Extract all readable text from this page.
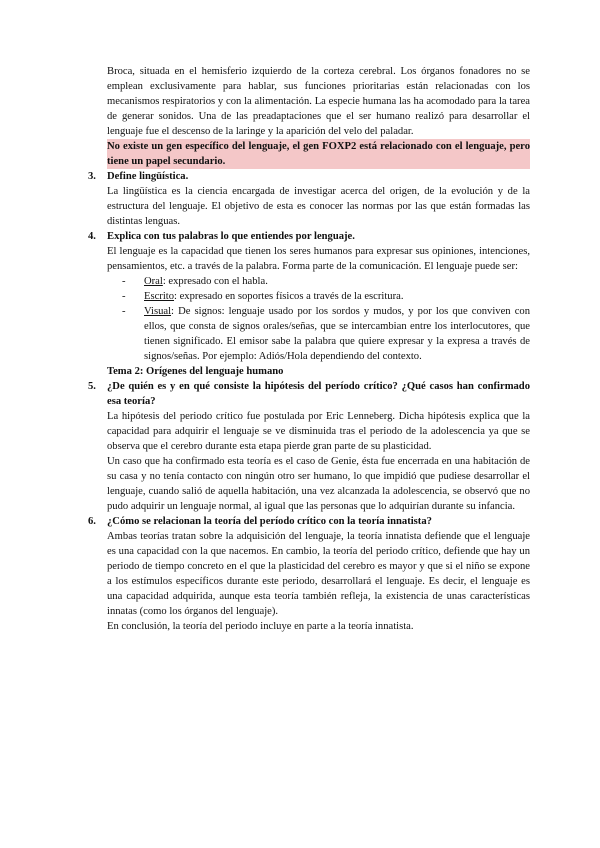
Broca, situada en el hemisferio izquierdo de la corteza cerebral. Los órganos fonadores no se emplean exclusivamente para hablar, sus funciones prioritarias están relacionadas con los mecanismos respiratorios y con la alimentación. La especie humana las ha acomodado para la tarea de generar sonidos. Una de las preadaptaciones que el ser humano realizó para desarrollar el lenguaje fue el descenso de la laringe y la aparición del velo del paladar.

No existe un gen específico del lenguaje, el gen FOXP2 está relacionado con el lenguaje, pero tiene un papel secundario.

3. Define lingüística.

La lingüística es la ciencia encargada de investigar acerca del origen, de la evolución y de la estructura del lenguaje. El objetivo de esta es conocer las normas por las que están formadas las distintas lenguas.

4. Explica con tus palabras lo que entiendes por lenguaje.

El lenguaje es la capacidad que tienen los seres humanos para expresar sus opiniones, intenciones, pensamientos, etc. a través de la palabra. Forma parte de la comunicación. El lenguaje puede ser:

- Oral: expresado con el habla.
- Escrito: expresado en soportes físicos a través de la escritura.
- Visual: De signos: lenguaje usado por los sordos y mudos, y por los que conviven con ellos, que consta de signos orales/señas, que se intercambian entre los interlocutores, que tienen significado. El emisor sabe la palabra que quiere expresar y la expresa a través de signos/señas. Por ejemplo: Adiós/Hola dependiendo del contexto.

Tema 2: Orígenes del lenguaje humano

5. ¿De quién es y en qué consiste la hipótesis del período crítico? ¿Qué casos han confirmado esa teoría?

La hipótesis del periodo crítico fue postulada por Eric Lenneberg. Dicha hipótesis explica que la capacidad para adquirir el lenguaje se ve disminuida tras el periodo de la adolescencia ya que se observa que el cerebro durante esta etapa pierde gran parte de su plasticidad.

Un caso que ha confirmado esta teoría es el caso de Genie, ésta fue encerrada en una habitación de su casa y no tenía contacto con ningún otro ser humano, lo que impidió que pudiese desarrollar el lenguaje, cuando salió de aquella habitación, una vez alcanzada la adolescencia, se observó que no pudo adquirir un lenguaje normal, al igual que las personas que lo adquirían durante su infancia.

6. ¿Cómo se relacionan la teoría del período crítico con la teoría innatista?

Ambas teorías tratan sobre la adquisición del lenguaje, la teoría innatista defiende que el lenguaje es una capacidad con la que nacemos. En cambio, la teoría del periodo crítico, defiende que hay un periodo de tiempo concreto en el que la plasticidad del cerebro es mayor y que si el niño se expone a los estímulos específicos durante este periodo, desarrollará el lenguaje. Es decir, el lenguaje es una capacidad adquirida, aunque esta teoría también refleja, la existencia de unas características innatas (como los órganos del lenguaje).

En conclusión, la teoría del periodo incluye en parte a la teoría innatista.
